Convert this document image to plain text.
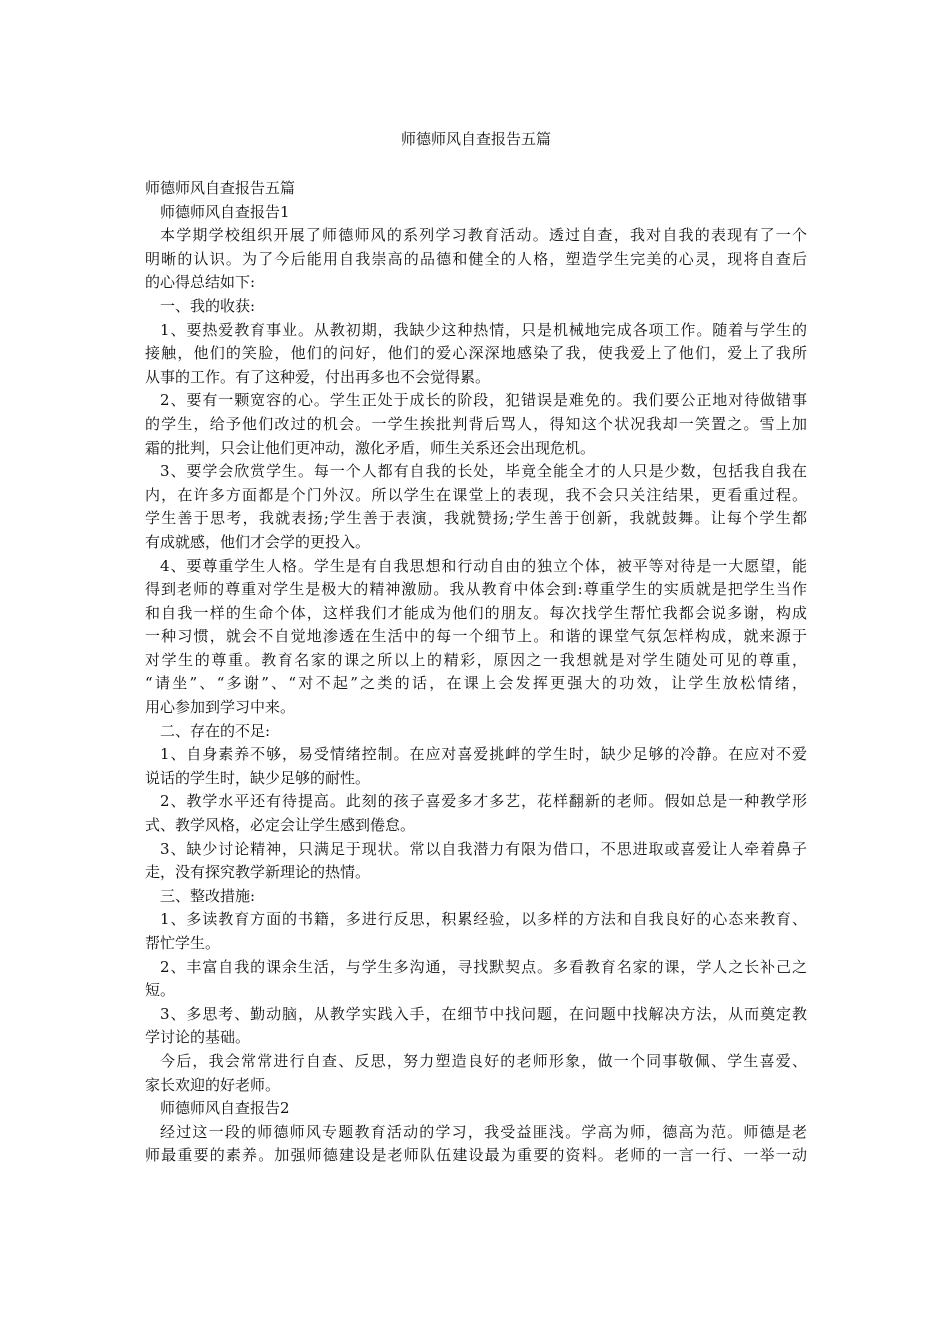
师德师风自查报告五篇
师德师风自查报告五篇
师德师风自查报告1
本学期学校组织开展了师德师风的系列学习教育活动。透过自查，我对自我的表现有了一个
明晰的认识。为了今后能用自我崇高的品德和健全的人格，塑造学生完美的心灵，现将自查后
的心得总结如下:
一、我的收获:
1、要热爱教育事业。从教初期，我缺少这种热情，只是机械地完成各项工作。随着与学生的
接触，他们的笑脸，他们的问好，他们的爱心深深地感染了我，使我爱上了他们，爱上了我所
从事的工作。有了这种爱，付出再多也不会觉得累。
2、要有一颗宽容的心。学生正处于成长的阶段，犯错误是难免的。我们要公正地对待做错事
的学生，给予他们改过的机会。一学生挨批判背后骂人，得知这个状况我却一笑置之。雪上加
霜的批判，只会让他们更冲动，激化矛盾，师生关系还会出现危机。
3、要学会欣赏学生。每一个人都有自我的长处，毕竟全能全才的人只是少数，包括我自我在
内，在许多方面都是个门外汉。所以学生在课堂上的表现，我不会只关注结果，更看重过程。
学生善于思考，我就表扬;学生善于表演，我就赞扬;学生善于创新，我就鼓舞。让每个学生都
有成就感，他们才会学的更投入。
4、要尊重学生人格。学生是有自我思想和行动自由的独立个体，被平等对待是一大愿望，能
得到老师的尊重对学生是极大的精神激励。我从教育中体会到:尊重学生的实质就是把学生当作
和自我一样的生命个体，这样我们才能成为他们的朋友。每次找学生帮忙我都会说多谢，构成
一种习惯，就会不自觉地渗透在生活中的每一个细节上。和谐的课堂气氛怎样构成，就来源于
对学生的尊重。教育名家的课之所以上的精彩，原因之一我想就是对学生随处可见的尊重，
“请坐”、“多谢”、“对不起”之类的话，在课上会发挥更强大的功效，让学生放松情绪，
用心参加到学习中来。
二、存在的不足:
1、自身素养不够，易受情绪控制。在应对喜爱挑衅的学生时，缺少足够的冷静。在应对不爱
说话的学生时，缺少足够的耐性。
2、教学水平还有待提高。此刻的孩子喜爱多才多艺，花样翻新的老师。假如总是一种教学形
式、教学风格，必定会让学生感到倦怠。
3、缺少讨论精神，只满足于现状。常以自我潜力有限为借口，不思进取或喜爱让人牵着鼻子
走，没有探究教学新理论的热情。
三、整改措施:
1、多读教育方面的书籍，多进行反思，积累经验，以多样的方法和自我良好的心态来教育、
帮忙学生。
2、丰富自我的课余生活，与学生多沟通，寻找默契点。多看教育名家的课，学人之长补己之
短。
3、多思考、勤动脑，从教学实践入手，在细节中找问题，在问题中找解决方法，从而奠定教
学讨论的基础。
今后，我会常常进行自查、反思，努力塑造良好的老师形象，做一个同事敬佩、学生喜爱、
家长欢迎的好老师。
师德师风自查报告2
经过这一段的师德师风专题教育活动的学习，我受益匪浅。学高为师，德高为范。师德是老
师最重要的素养。加强师德建设是老师队伍建设最为重要的资料。老师的一言一行、一举一动
